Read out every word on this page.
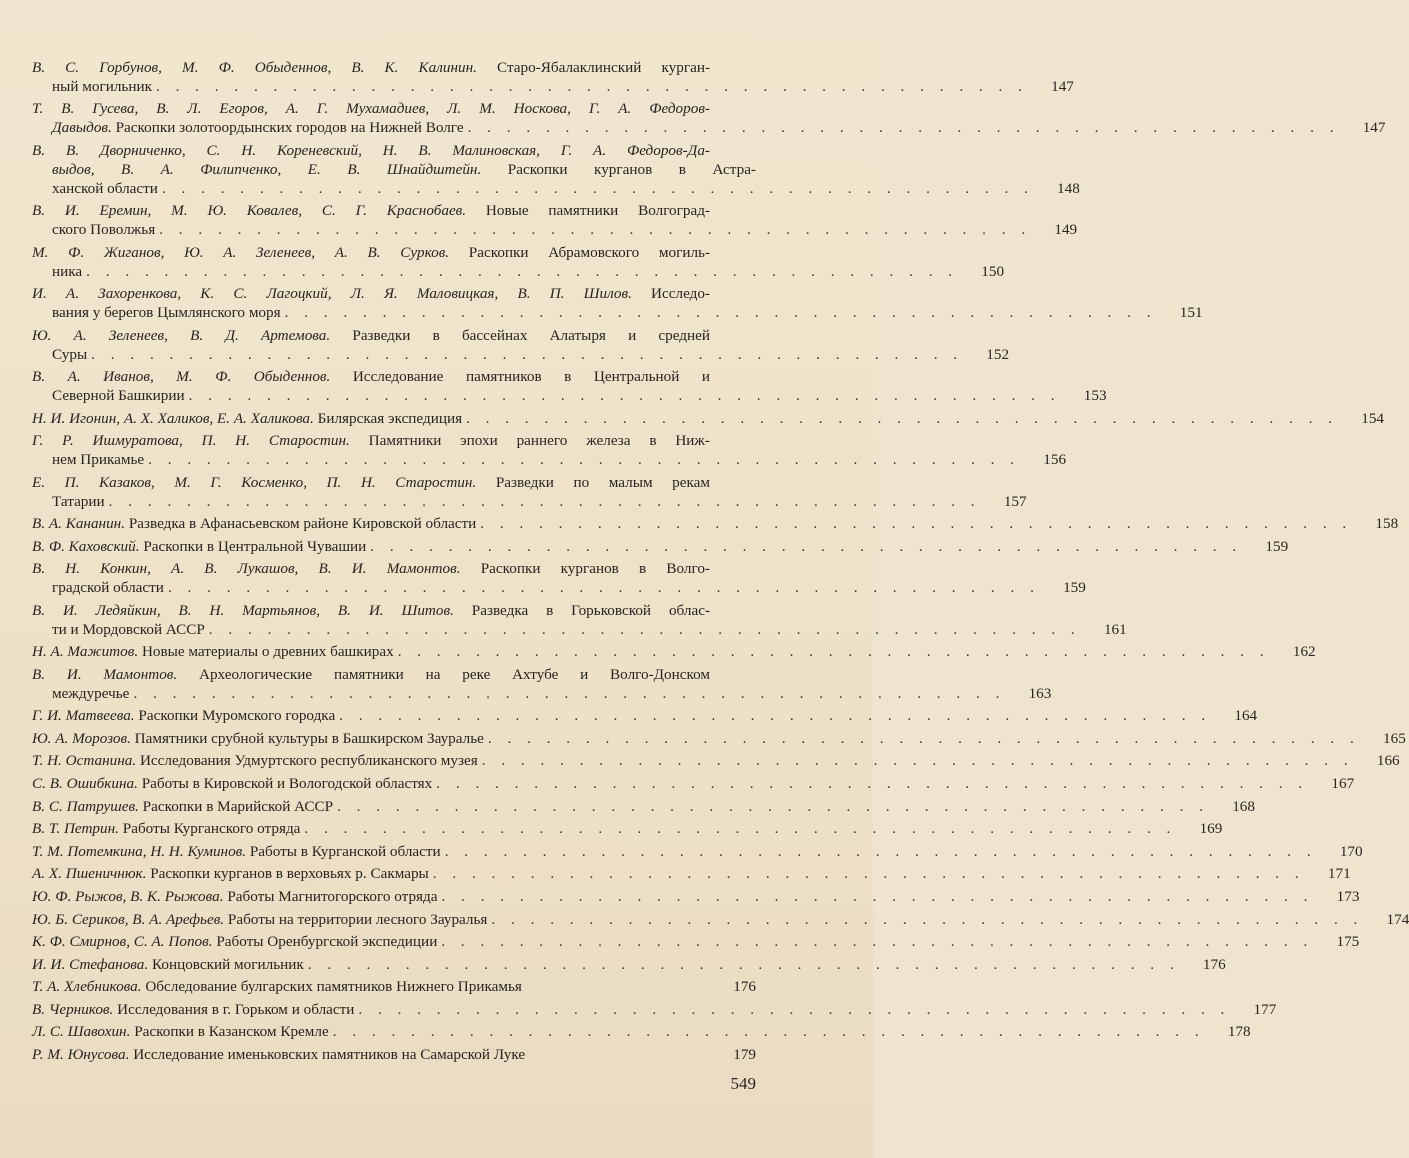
В. С. Горбунов, М. Ф. Обыденнов, В. К. Калинин. Старо-Ябалаклинский курган-
ный могильник . . . . . . . . . . . . . . . . . . . . . . . . . . . . . . . . . . . . . . . . . . . . .	147
Т. В. Гусева, В. Л. Егоров, А. Г. Мухамадиев, Л. М. Носкова, Г. А. Федоров-
Давыдов. Раскопки золотоордынских городов на Нижней Волге . . . . . . . . . . . . . . . . . . . . . . . . . . . . . . . . . . . . . . . . . . . . .	147
В. В. Дворниченко, С. Н. Кореневский, Н. В. Малиновская, Г. А. Федоров-Да-
выдов, В. А. Филипченко, Е. В. Шнайдштейн. Раскопки курганов в Астра-
ханской области . . . . . . . . . . . . . . . . . . . . . . . . . . . . . . . . . . . . . . . . . . . . .	148
В. И. Еремин, М. Ю. Ковалев, С. Г. Краснобаев. Новые памятники Волгоград-
ского Поволжья . . . . . . . . . . . . . . . . . . . . . . . . . . . . . . . . . . . . . . . . . . . . .	149
М. Ф. Жиганов, Ю. А. Зеленеев, А. В. Сурков. Раскопки Абрамовского могиль-
ника . . . . . . . . . . . . . . . . . . . . . . . . . . . . . . . . . . . . . . . . . . . . .	150
И. А. Захоренкова, К. С. Лагоцкий, Л. Я. Маловицкая, В. П. Шилов. Исследо-
вания у берегов Цымлянского моря . . . . . . . . . . . . . . . . . . . . . . . . . . . . . . . . . . . . . . . . . . . . .	151
Ю. А. Зеленеев, В. Д. Артемова. Разведки в бассейнах Алатыря и средней
Суры . . . . . . . . . . . . . . . . . . . . . . . . . . . . . . . . . . . . . . . . . . . . .	152
В. А. Иванов, М. Ф. Обыденнов. Исследование памятников в Центральной и
Северной Башкирии . . . . . . . . . . . . . . . . . . . . . . . . . . . . . . . . . . . . . . . . . . . . .	153
Н. И. Игонин, А. Х. Халиков, Е. А. Халикова. Билярская экспедиция . . . . . . . . . . . . . . . . . . . . . . . . . . . . . . . . . . . . . . . . . . . . .	154
Г. Р. Ишмуратова, П. Н. Старостин. Памятники эпохи раннего железа в Ниж-
нем Прикамье . . . . . . . . . . . . . . . . . . . . . . . . . . . . . . . . . . . . . . . . . . . . .	156
Е. П. Казаков, М. Г. Косменко, П. Н. Старостин. Разведки по малым рекам
Татарии . . . . . . . . . . . . . . . . . . . . . . . . . . . . . . . . . . . . . . . . . . . . .	157
В. А. Кананин. Разведка в Афанасьевском районе Кировской области . . . . . . . . . . . . . . . . . . . . . . . . . . . . . . . . . . . . . . . . . . . . .	158
В. Ф. Каховский. Раскопки в Центральной Чувашии . . . . . . . . . . . . . . . . . . . . . . . . . . . . . . . . . . . . . . . . . . . . .	159
В. Н. Конкин, А. В. Лукашов, В. И. Мамонтов. Раскопки курганов в Волго-
градской области . . . . . . . . . . . . . . . . . . . . . . . . . . . . . . . . . . . . . . . . . . . . .	159
В. И. Ледяйкин, В. Н. Мартьянов, В. И. Шитов. Разведка в Горьковской облас-
ти и Мордовской АССР . . . . . . . . . . . . . . . . . . . . . . . . . . . . . . . . . . . . . . . . . . . . .	161
Н. А. Мажитов. Новые материалы о древних башкирах . . . . . . . . . . . . . . . . . . . . . . . . . . . . . . . . . . . . . . . . . . . . .	162
В. И. Мамонтов. Археологические памятники на реке Ахтубе и Волго-Донском
междуречье . . . . . . . . . . . . . . . . . . . . . . . . . . . . . . . . . . . . . . . . . . . . .	163
Г. И. Матвеева. Раскопки Муромского городка . . . . . . . . . . . . . . . . . . . . . . . . . . . . . . . . . . . . . . . . . . . . .	164
Ю. А. Морозов. Памятники срубной культуры в Башкирском Зауралье . . . . . . . . . . . . . . . . . . . . . . . . . . . . . . . . . . . . . . . . . . . . .	165
Т. Н. Останина. Исследования Удмуртского республиканского музея . . . . . . . . . . . . . . . . . . . . . . . . . . . . . . . . . . . . . . . . . . . . .	166
С. В. Ошибкина. Работы в Кировской и Вологодской областях . . . . . . . . . . . . . . . . . . . . . . . . . . . . . . . . . . . . . . . . . . . . .	167
В. С. Патрушев. Раскопки в Марийской АССР . . . . . . . . . . . . . . . . . . . . . . . . . . . . . . . . . . . . . . . . . . . . .	168
В. Т. Петрин. Работы Курганского отряда . . . . . . . . . . . . . . . . . . . . . . . . . . . . . . . . . . . . . . . . . . . . .	169
Т. М. Потемкина, Н. Н. Куминов. Работы в Курганской области . . . . . . . . . . . . . . . . . . . . . . . . . . . . . . . . . . . . . . . . . . . . .	170
А. Х. Пшеничнюк. Раскопки курганов в верховьях р. Сакмары . . . . . . . . . . . . . . . . . . . . . . . . . . . . . . . . . . . . . . . . . . . . .	171
Ю. Ф. Рыжов, В. К. Рыжова. Работы Магнитогорского отряда . . . . . . . . . . . . . . . . . . . . . . . . . . . . . . . . . . . . . . . . . . . . .	173
Ю. Б. Сериков, В. А. Арефьев. Работы на территории лесного Зауралья . . . . . . . . . . . . . . . . . . . . . . . . . . . . . . . . . . . . . . . . . . . . .	174
К. Ф. Смирнов, С. А. Попов. Работы Оренбургской экспедиции . . . . . . . . . . . . . . . . . . . . . . . . . . . . . . . . . . . . . . . . . . . . .	175
И. И. Стефанова. Концовский могильник . . . . . . . . . . . . . . . . . . . . . . . . . . . . . . . . . . . . . . . . . . . . .	176
Т. А. Хлебникова. Обследование булгарских памятников Нижнего Прикамья	176
В. Черников. Исследования в г. Горьком и области . . . . . . . . . . . . . . . . . . . . . . . . . . . . . . . . . . . . . . . . . . . . .	177
Л. С. Шавохин. Раскопки в Казанском Кремле . . . . . . . . . . . . . . . . . . . . . . . . . . . . . . . . . . . . . . . . . . . . .	178
Р. М. Юнусова. Исследование именьковских памятников на Самарской Луке	179
549
